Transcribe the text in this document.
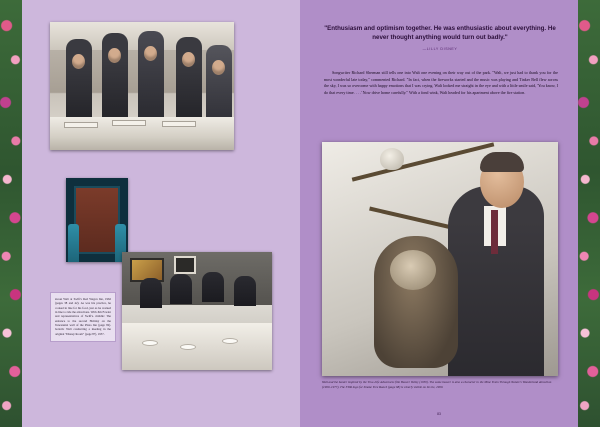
from Walt at Swift's Red Wagon Inn, 1962 (pages 38 and 42). As was his practice, he cooked in line for his food, just as he worked in line to ride the attractions. With Jim Fowler and representatives of Swift's. middle: The entrance to the second Holiday on the Tencennial wall of the Plaza Inn (page 82). bottom: Walt conducting a meeting in the original "Disney Room" (page 87), 1957.

"Enthusiasm and optimism together. He was enthusiastic about everything. He never thought anything would turn out badly."

—LILLY DISNEY

Songwriter Richard Sherman still tells one into Walt one evening on their way out of the park. "Walt, we just had to thank you for the most wonderful late today," commented Richard. "In fact, when the fireworks started and the music was playing and Tinker Bell flew across the sky, I was so overcome with happy emotions that I was crying. Walt looked me straight in the eye and with a little smile said, 'You know, I do that every time. . . .' Now drive home carefully." With a fond wink, Walt headed for his apartment above the fire station.

Walt and the banter inspired by the True-Life Adventures film Beaver Valley (1950). The same beaver is also a character in the Mine Train Through Nature's Wonderland attraction (1960–1977), The FDR logo for Smoke Tree Ranch (page 68) is clearly visible on his tie, 1960.

83
